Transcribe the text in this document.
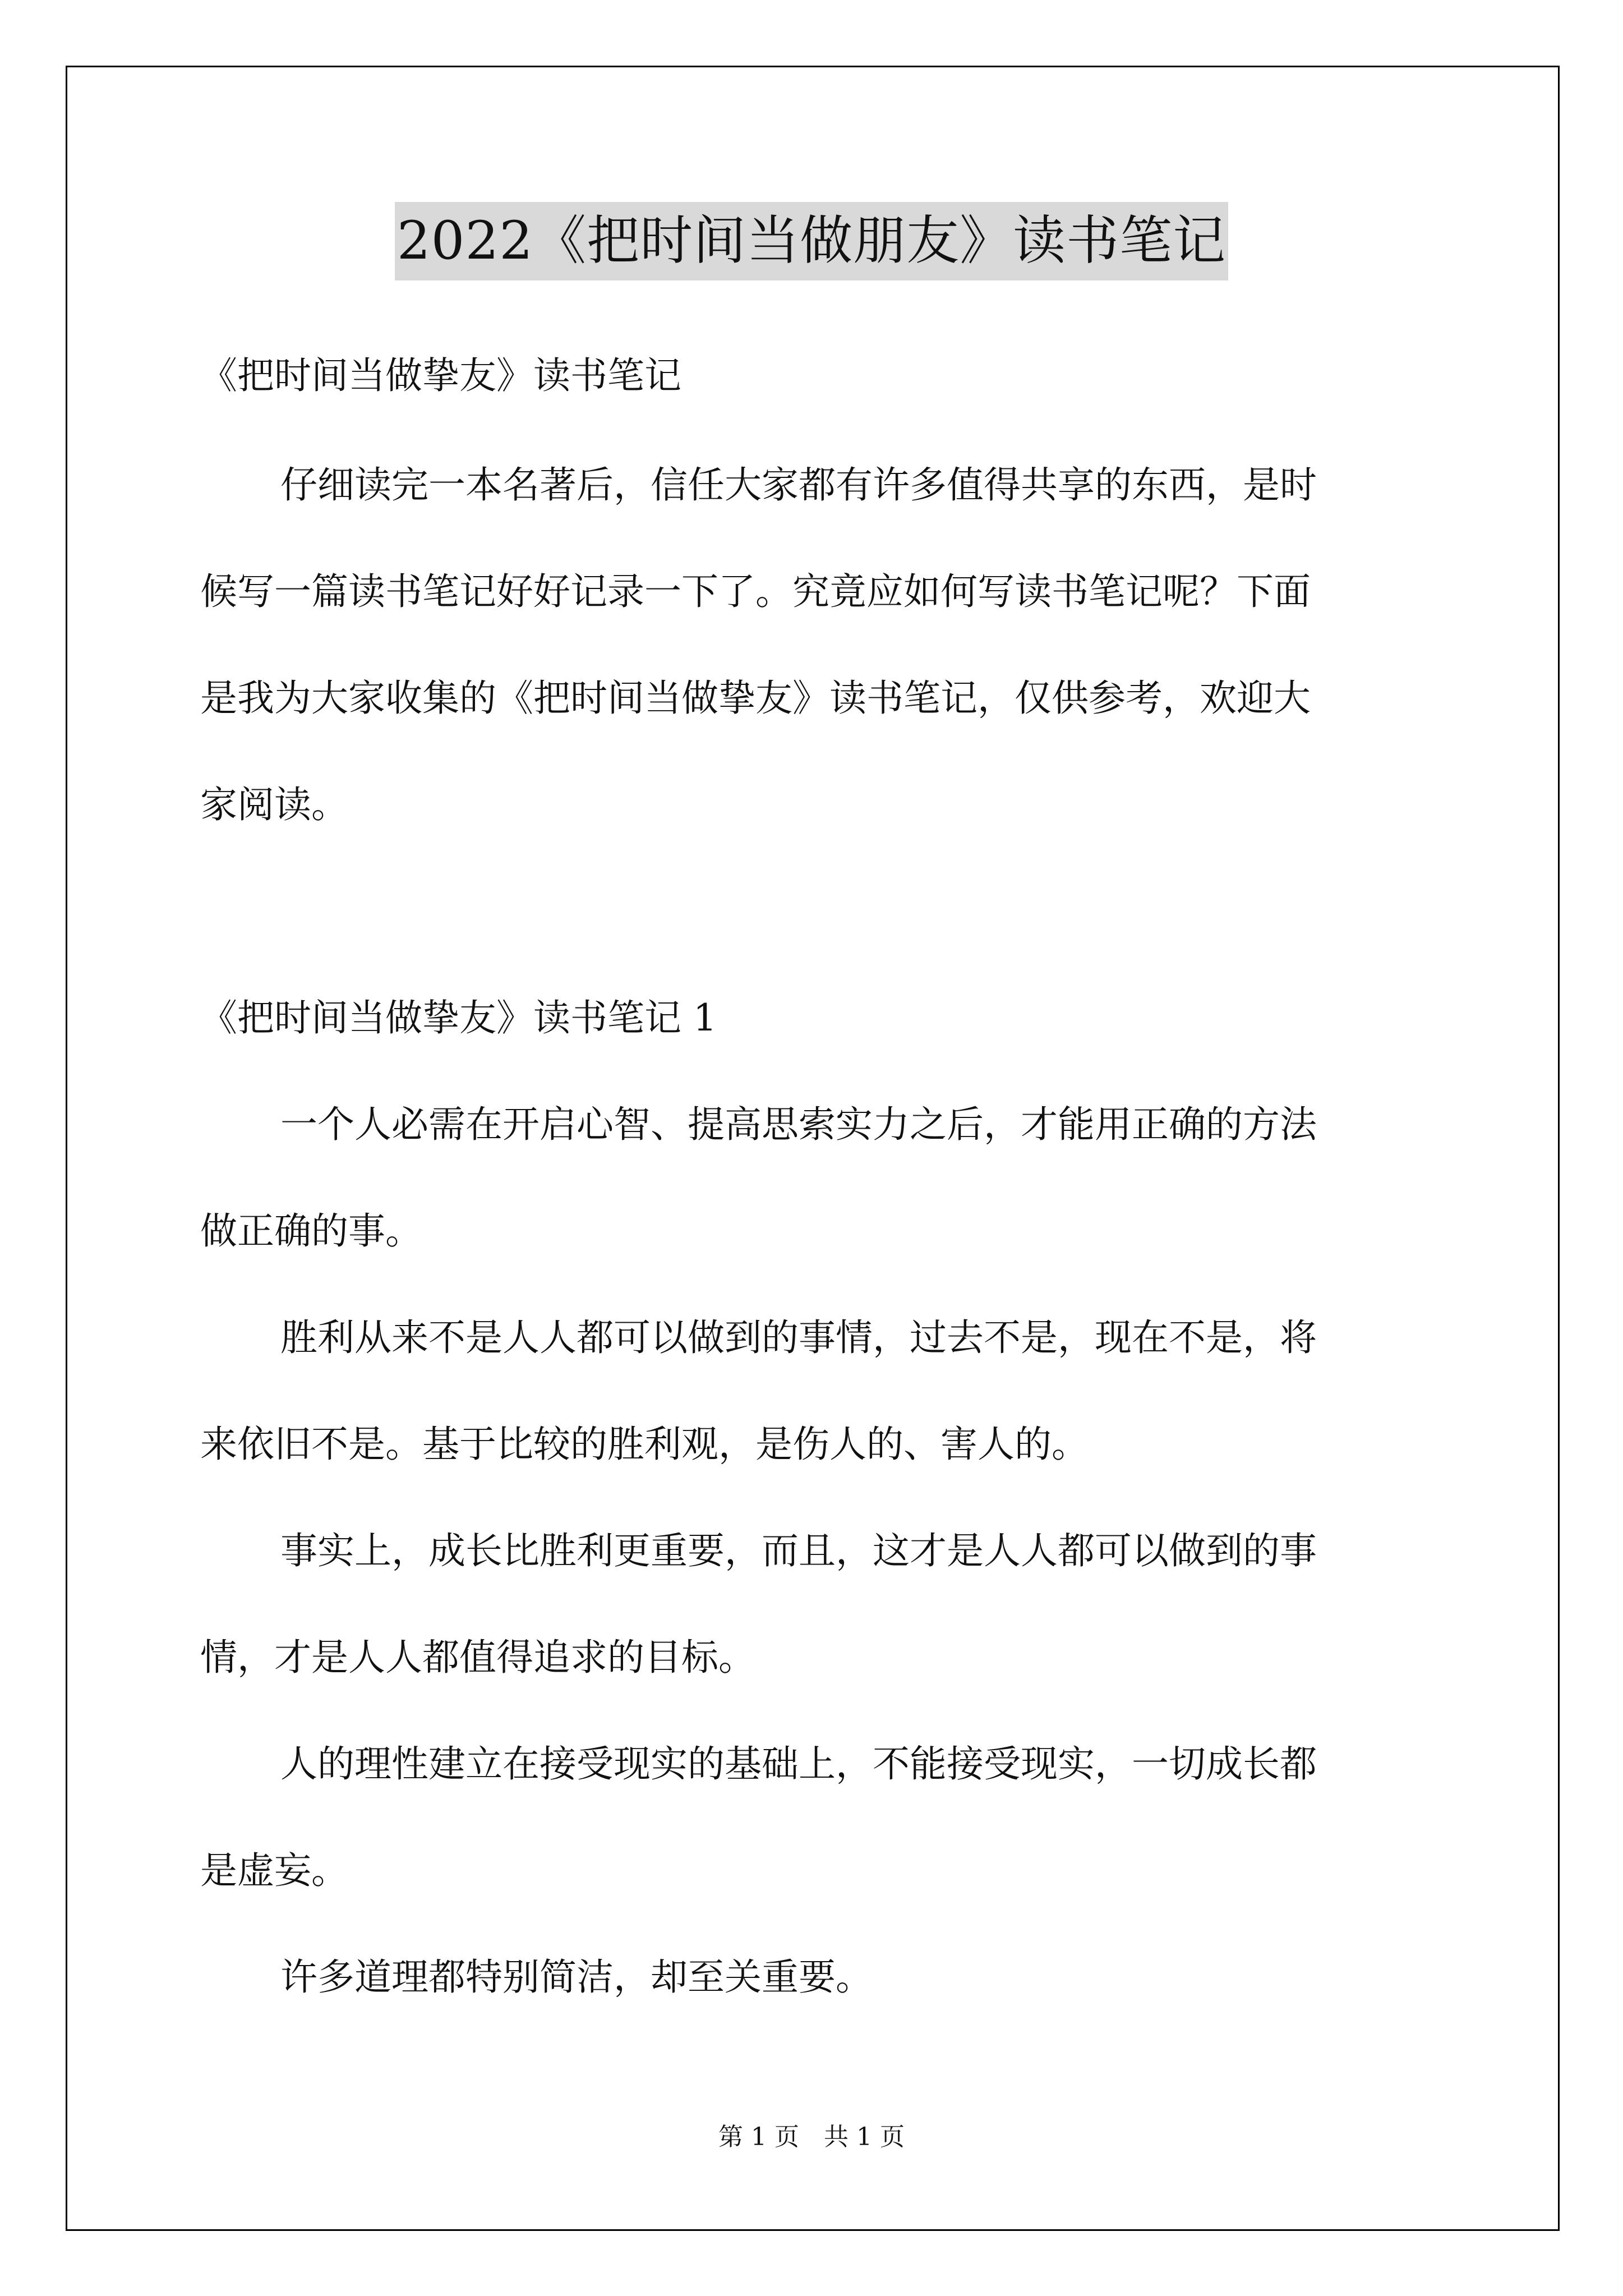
2022《把时间当做朋友》读书笔记
《把时间当做挚友》读书笔记
仔细读完一本名著后，信任大家都有许多值得共享的东西，是时
候写一篇读书笔记好好记录一下了。究竟应如何写读书笔记呢？下面
是我为大家收集的《把时间当做挚友》读书笔记，仅供参考，欢迎大
家阅读。
《把时间当做挚友》读书笔记 1
一个人必需在开启心智、提高思索实力之后，才能用正确的方法
做正确的事。
胜利从来不是人人都可以做到的事情，过去不是，现在不是，将
来依旧不是。基于比较的胜利观，是伤人的、害人的。
事实上，成长比胜利更重要，而且，这才是人人都可以做到的事
情，才是人人都值得追求的目标。
人的理性建立在接受现实的基础上，不能接受现实，一切成长都
是虚妄。
许多道理都特别简洁，却至关重要。
第 1 页　共 1 页
